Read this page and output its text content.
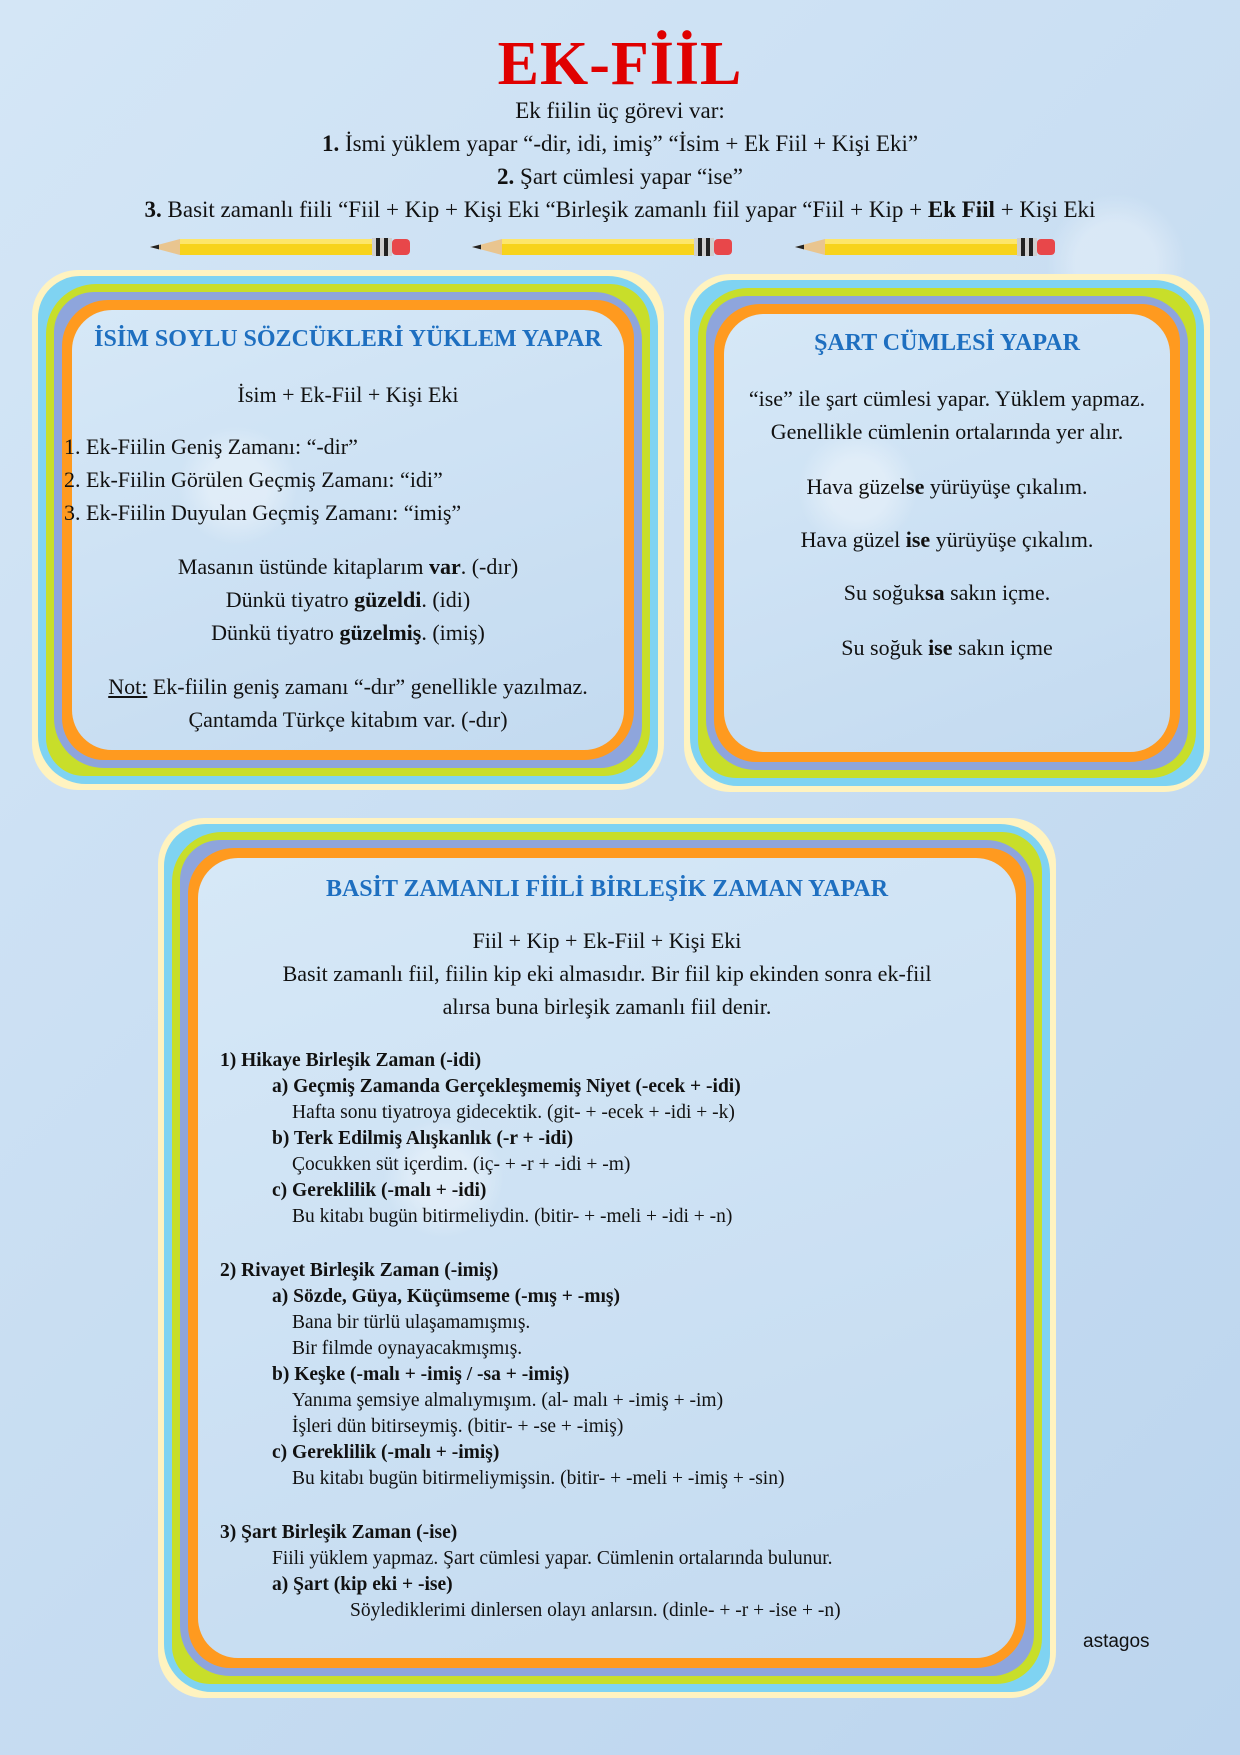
EK-FİİL
Ek fiilin üç görevi var:
1. İsmi yüklem yapar “-dir, idi, imiş” “İsim + Ek Fiil + Kişi Eki”
2. Şart cümlesi yapar “ise”
3. Basit zamanlı fiili “Fiil + Kip + Kişi Eki “Birleşik zamanlı fiil yapar “Fiil + Kip + Ek Fiil + Kişi Eki
İSİM SOYLU SÖZCÜKLERİ YÜKLEM YAPAR
İsim + Ek-Fiil + Kişi Eki
1. Ek-Fiilin Geniş Zamanı: “-dir”
2. Ek-Fiilin Görülen Geçmiş Zamanı: “idi”
3. Ek-Fiilin Duyulan Geçmiş Zamanı: “imiş”
Masanın üstünde kitaplarım var. (-dır)
Dünkü tiyatro güzeldi. (idi)
Dünkü tiyatro güzelmiş. (imiş)
Not: Ek-fiilin geniş zamanı “-dır” genellikle yazılmaz.
Çantamda Türkçe kitabım var. (-dır)
ŞART CÜMLESİ YAPAR
“ise” ile şart cümlesi yapar. Yüklem yapmaz.
Genellikle cümlenin ortalarında yer alır.
Hava güzelse yürüyüşe çıkalım.
Hava güzel ise yürüyüşe çıkalım.
Su soğuksa sakın içme.
Su soğuk ise sakın içme
BASİT ZAMANLI FİİLİ BİRLEŞİK ZAMAN YAPAR
Fiil + Kip + Ek-Fiil + Kişi Eki
Basit zamanlı fiil, fiilin kip eki almasıdır. Bir fiil kip ekinden sonra ek-fiil
alırsa buna birleşik zamanlı fiil denir.
1) Hikaye Birleşik Zaman (-idi)
a) Geçmiş Zamanda Gerçekleşmemiş Niyet (-ecek + -idi)
Hafta sonu tiyatroya gidecektik. (git- + -ecek + -idi + -k)
b) Terk Edilmiş Alışkanlık (-r + -idi)
Çocukken süt içerdim. (iç- + -r + -idi + -m)
c) Gereklilik (-malı + -idi)
Bu kitabı bugün bitirmeliydin. (bitir- + -meli + -idi + -n)
2) Rivayet Birleşik Zaman (-imiş)
a) Sözde, Güya, Küçümseme (-mış + -mış)
Bana bir türlü ulaşamamışmış.
Bir filmde oynayacakmışmış.
b) Keşke (-malı + -imiş / -sa + -imiş)
Yanıma şemsiye almalıymışım. (al- malı + -imiş + -im)
İşleri dün bitirseymiş. (bitir- + -se + -imiş)
c) Gereklilik (-malı + -imiş)
Bu kitabı bugün bitirmeliymişsin. (bitir- + -meli + -imiş + -sin)
3) Şart Birleşik Zaman (-ise)
Fiili yüklem yapmaz. Şart cümlesi yapar. Cümlenin ortalarında bulunur.
a) Şart (kip eki + -ise)
Söylediklerimi dinlersen olayı anlarsın. (dinle- + -r + -ise + -n)
astagos
